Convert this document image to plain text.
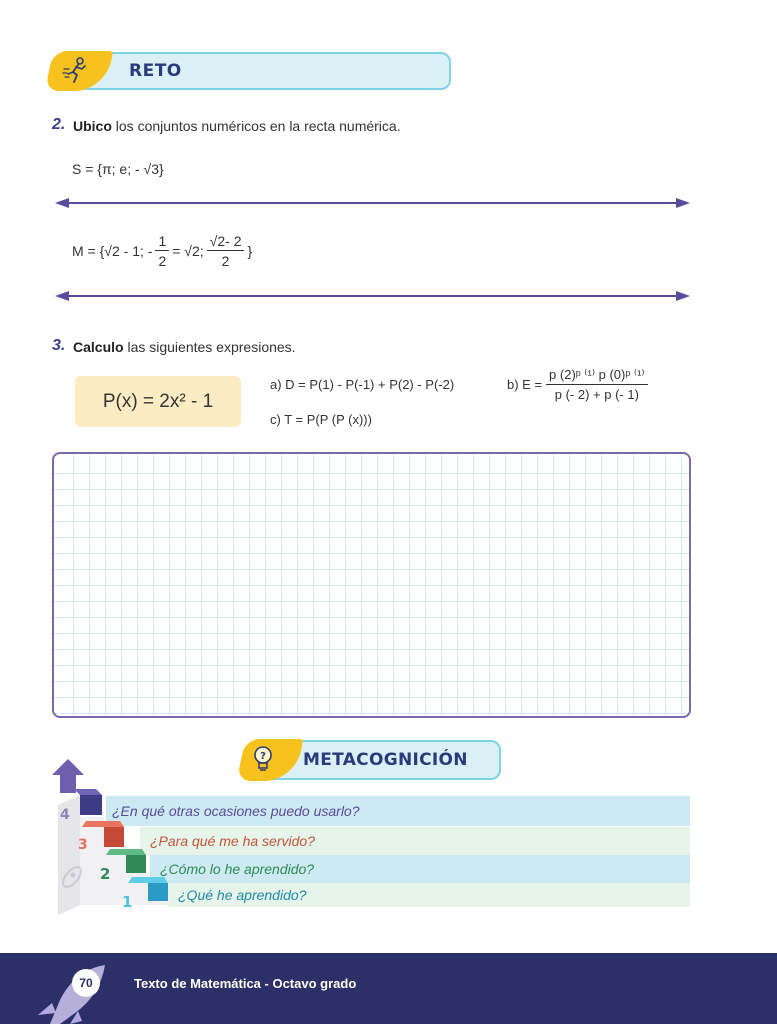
RETO
2. Ubico los conjuntos numéricos en la recta numérica.
S = {π; e; - √3}
M = {√2 - 1; - $\frac{1}{2} = √2$; $\frac{√2- 2}{2}$ }
3. Calculo las siguientes expresiones.
P(x) = 2x² - 1
a) D = P(1) - P(-1) + P(2) - P(-2)	b) $E = \frac{\text{p (2)ᵖ ⁽¹⁾ p (0)ᵖ ⁽¹⁾}}{p (- 2) + p (- 1)}$
c) T = P(P (P (x)))
? METACOGNICIÓN
¿En qué otras ocasiones puedo usarlo?
¿Para qué me ha servido?
¿Cómo lo he aprendido?
¿Qué he aprendido?
4
3
2
1
70	Texto de Matemática - Octavo grado
